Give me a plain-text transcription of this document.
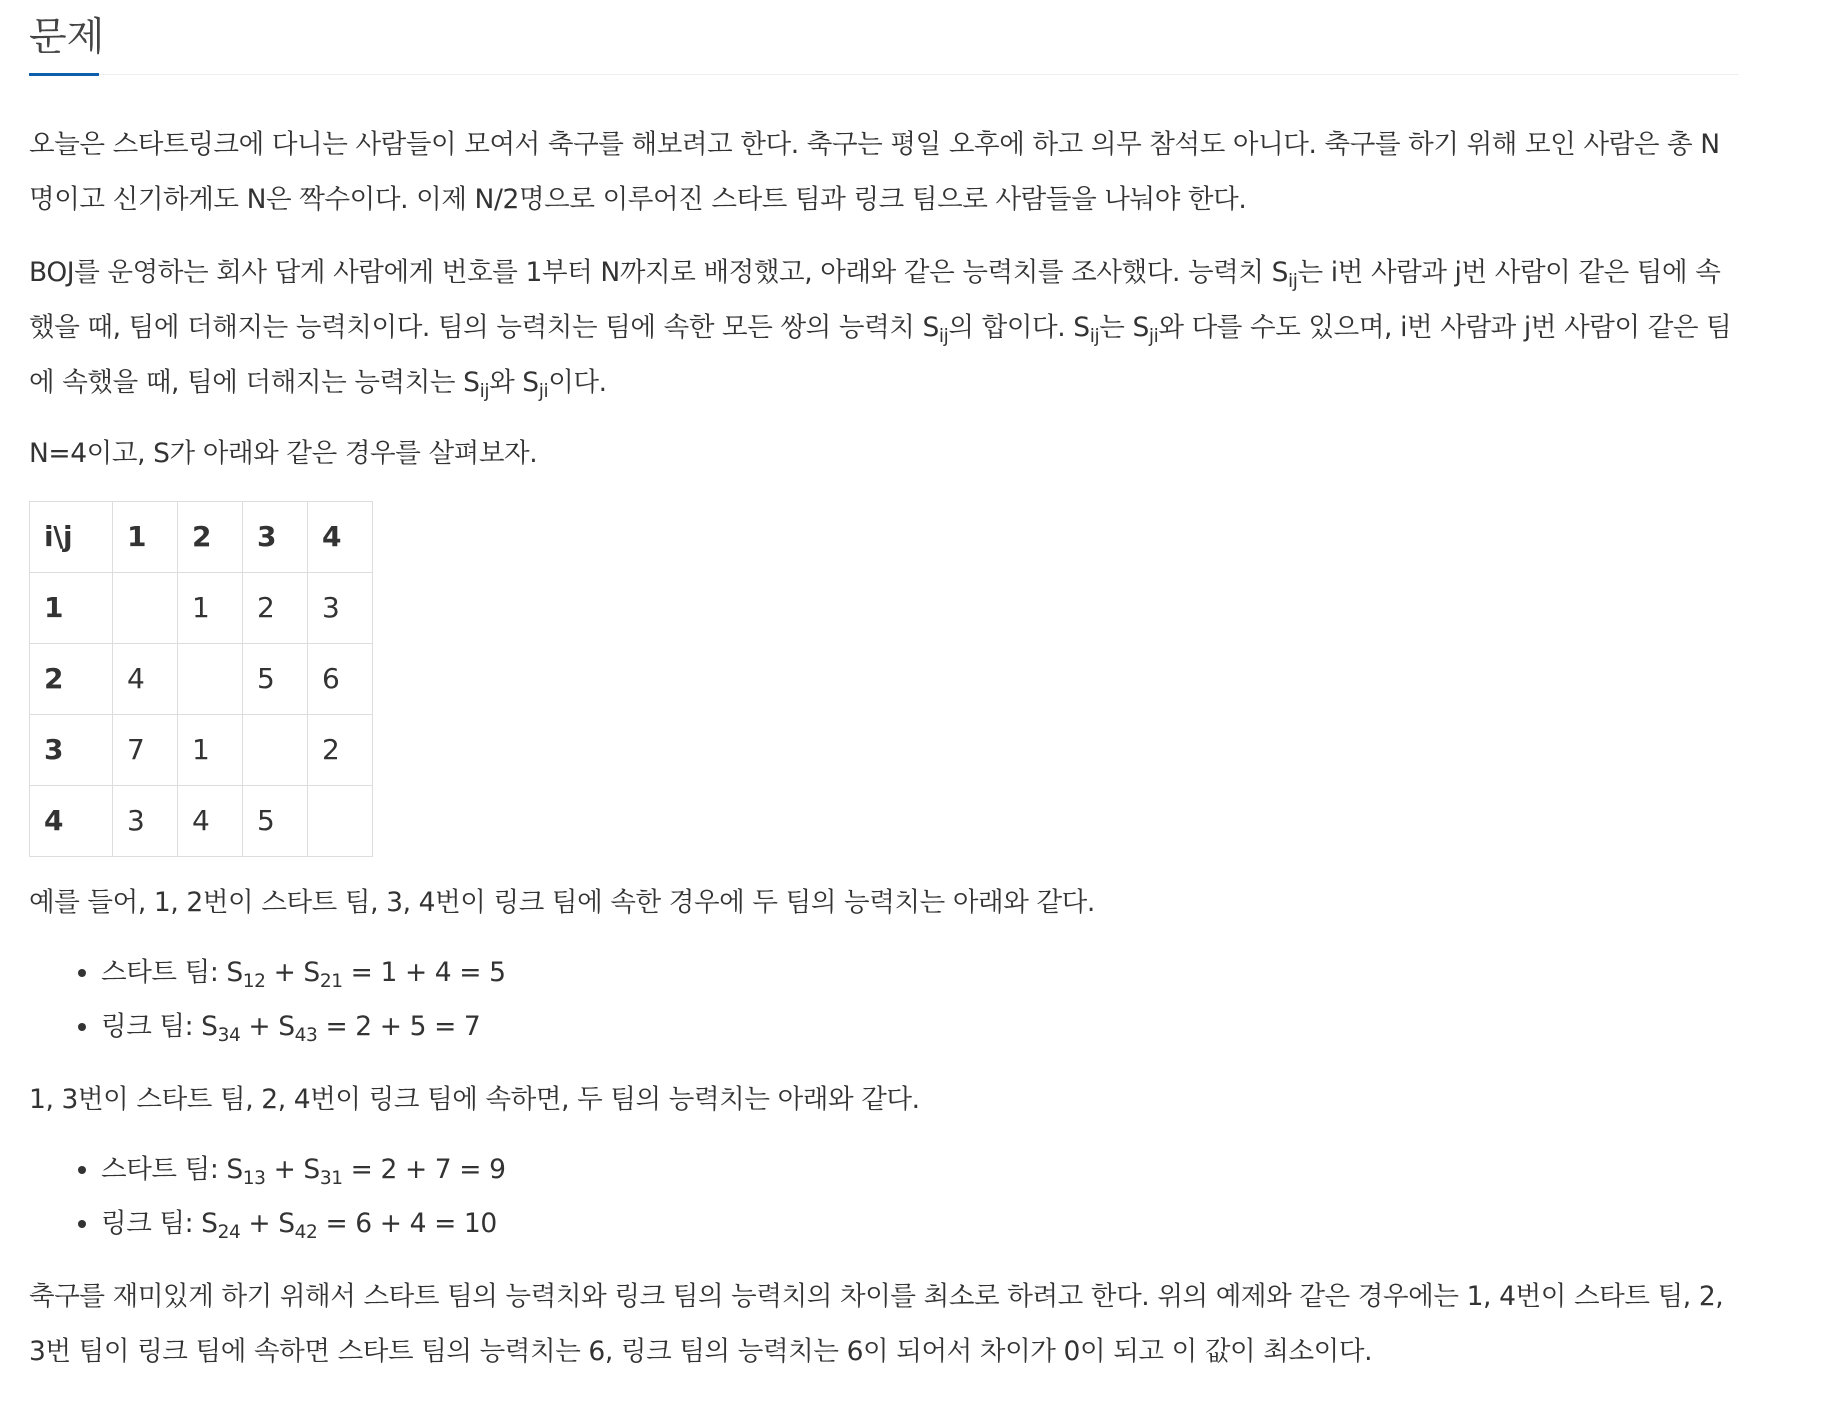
문제

오늘은 스타트링크에 다니는 사람들이 모여서 축구를 해보려고 한다. 축구는 평일 오후에 하고 의무 참석도 아니다. 축구를 하기 위해 모인 사람은 총 N명이고 신기하게도 N은 짝수이다. 이제 N/2명으로 이루어진 스타트 팀과 링크 팀으로 사람들을 나눠야 한다.

BOJ를 운영하는 회사 답게 사람에게 번호를 1부터 N까지로 배정했고, 아래와 같은 능력치를 조사했다. 능력치 $S_{ij}$는 i번 사람과 j번 사람이 같은 팀에 속했을 때, 팀에 더해지는 능력치이다. 팀의 능력치는 팀에 속한 모든 쌍의 능력치 $S_{ij}$의 합이다. $S_{ij}$는 $S_{ji}$와 다를 수도 있으며, i번 사람과 j번 사람이 같은 팀에 속했을 때, 팀에 더해지는 능력치는 $S_{ij}$와 $S_{ji}$이다.

N=4이고, S가 아래와 같은 경우를 살펴보자.

i\j	1	2	3	4
1		1	2	3
2	4		5	6
3	7	1		2
4	3	4	5	

예를 들어, 1, 2번이 스타트 팀, 3, 4번이 링크 팀에 속한 경우에 두 팀의 능력치는 아래와 같다.

• 스타트 팀: $S_{12} + S_{21} = 1 + 4 = 5$
• 링크 팀: $S_{34} + S_{43} = 2 + 5 = 7$

1, 3번이 스타트 팀, 2, 4번이 링크 팀에 속하면, 두 팀의 능력치는 아래와 같다.

• 스타트 팀: $S_{13} + S_{31} = 2 + 7 = 9$
• 링크 팀: $S_{24} + S_{42} = 6 + 4 = 10$

축구를 재미있게 하기 위해서 스타트 팀의 능력치와 링크 팀의 능력치의 차이를 최소로 하려고 한다. 위의 예제와 같은 경우에는 1, 4번이 스타트 팀, 2, 3번 팀이 링크 팀에 속하면 스타트 팀의 능력치는 6, 링크 팀의 능력치는 6이 되어서 차이가 0이 되고 이 값이 최소이다.
